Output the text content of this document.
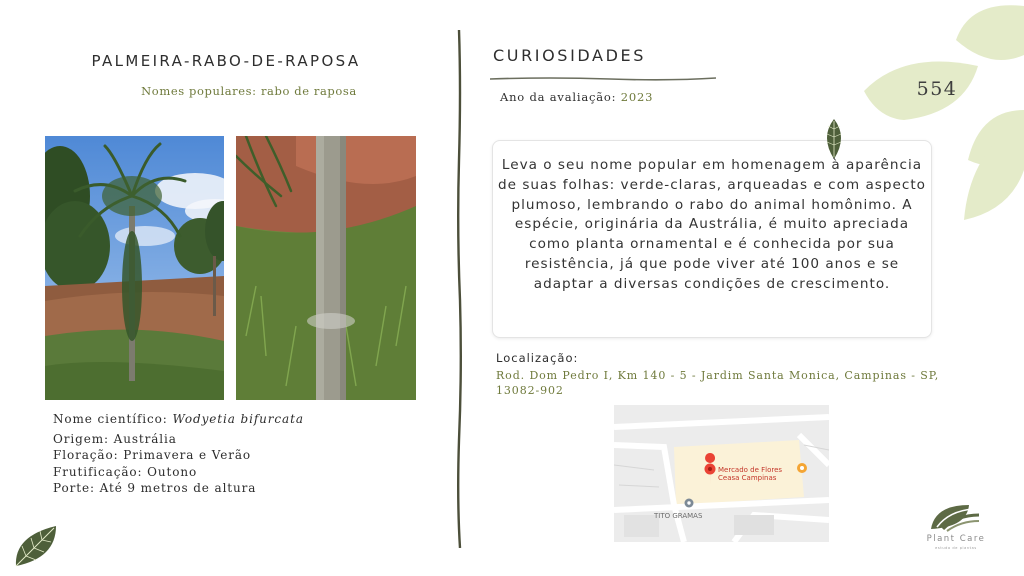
PALMEIRA-RABO-DE-RAPOSA
Nomes populares: rabo de raposa
Nome científico: Wodyetia bifurcata
Origem: Austrália
Floração: Primavera e Verão
Frutificação: Outono
Porte: Até 9 metros de altura
CURIOSIDADES
Ano da avaliação: 2023	554
Leva o seu nome popular em homenagem à aparência de suas folhas: verde-claras, arqueadas e com aspecto plumoso, lembrando o rabo do animal homônimo. A espécie, originária da Austrália, é muito apreciada como planta ornamental e é conhecida por sua resistência, já que pode viver até 100 anos e se adaptar a diversas condições de crescimento.
Localização:
Rod. Dom Pedro I, Km 140 - 5 - Jardim Santa Monica, Campinas - SP, 13082-902
Mercado de Flores
Ceasa Campinas
TITO GRAMAS
Plant Care
estudo de plantas
